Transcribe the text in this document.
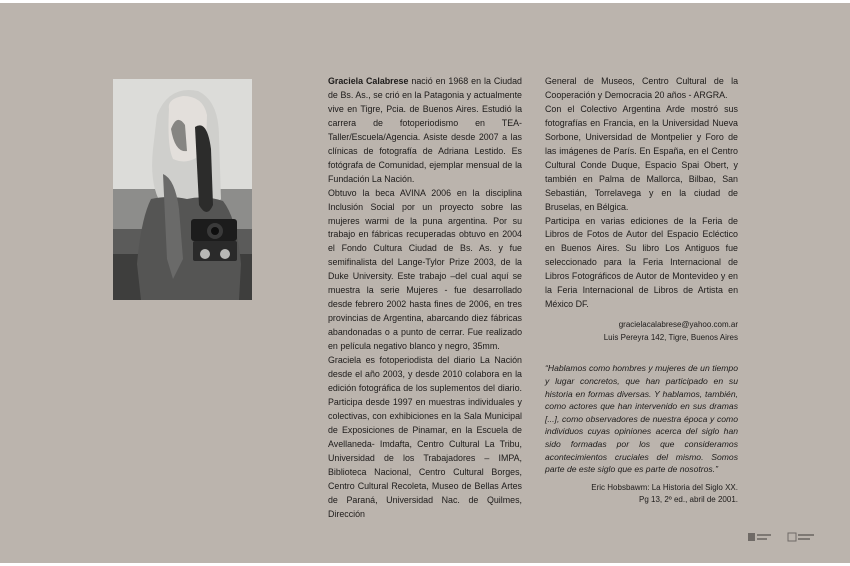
Graciela Calabrese nació en 1968 en la Ciudad de Bs. As., se crió en la Patagonia y actualmente vive en Tigre, Pcia. de Buenos Aires. Estudió la carrera de fotoperiodismo en TEA-Taller/Escuela/Agencia. Asiste desde 2007 a las clínicas de fotografía de Adriana Lestido. Es fotógrafa de Comunidad, ejemplar mensual de la Fundación La Nación.

Obtuvo la beca AVINA 2006 en la disciplina Inclusión Social por un proyecto sobre las mujeres warmi de la puna argentina. Por su trabajo en fábricas recuperadas obtuvo en 2004 el Fondo Cultura Ciudad de Bs. As. y fue semifinalista del Lange-Tylor Prize 2003, de la Duke University. Este trabajo –del cual aquí se muestra la serie Mujeres - fue desarrollado desde febrero 2002 hasta fines de 2006, en tres provincias de Argentina, abarcando diez fábricas abandonadas o a punto de cerrar. Fue realizado en película negativo blanco y negro, 35mm.

Graciela es fotoperiodista del diario La Nación desde el año 2003, y desde 2010 colabora en la edición fotográfica de los suplementos del diario. Participa desde 1997 en muestras individuales y colectivas, con exhibiciones en la Sala Municipal de Exposiciones de Pinamar, en la Escuela de Avellaneda- Imdafta, Centro Cultural La Tribu, Universidad de los Trabajadores – IMPA, Biblioteca Nacional, Centro Cultural Borges, Centro Cultural Recoleta, Museo de Bellas Artes de Paraná, Universidad Nac. de Quilmes, Dirección

General de Museos, Centro Cultural de la Cooperación y Democracia 20 años - ARGRA.

Con el Colectivo Argentina Arde mostró sus fotografías en Francia, en la Universidad Nueva Sorbone, Universidad de Montpelier y Foro de las imágenes de París. En España, en el Centro Cultural Conde Duque, Espacio Spai Obert, y también en Palma de Mallorca, Bilbao, San Sebastián, Torrelavega y en la ciudad de Bruselas, en Bélgica.

Participa en varias ediciones de la Feria de Libros de Fotos de Autor del Espacio Ecléctico en Buenos Aires. Su libro Los Antiguos fue seleccionado para la Feria Internacional de Libros Fotográficos de Autor de Montevideo y en la Feria Internacional de Libros de Artista en México DF.

gracielacalabrese@yahoo.com.ar
Luis Pereyra 142, Tigre, Buenos Aires

“Hablamos como hombres y mujeres de un tiempo y lugar concretos, que han participado en su historia en formas diversas. Y hablamos, también, como actores que han intervenido en sus dramas [...], como observadores de nuestra época y como individuos cuyas opiniones acerca del siglo han sido formadas por los que consideramos acontecimientos cruciales del mismo. Somos parte de este siglo que es parte de nosotros.”

Eric Hobsbawm: La Historia del Siglo XX.
Pg 13, 2º ed., abril de 2001.
